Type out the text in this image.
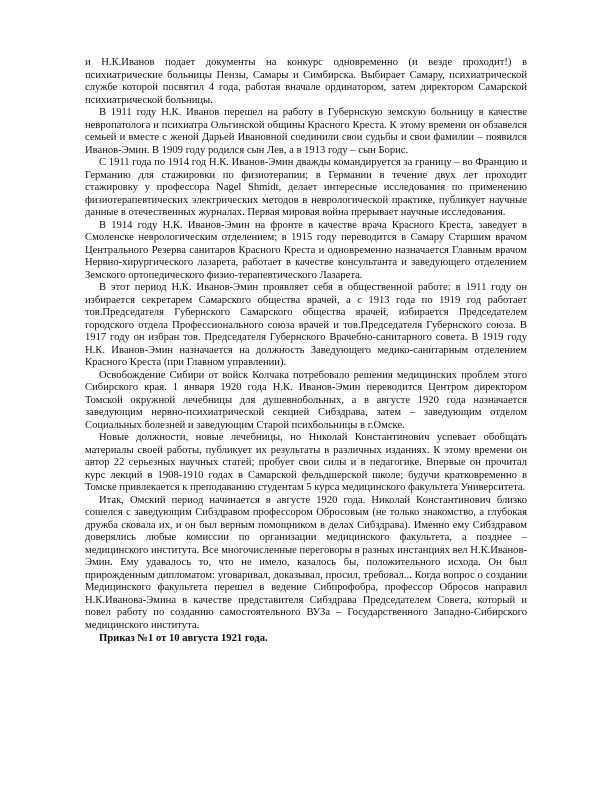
и Н.К.Иванов подает документы на конкурс одновременно (и везде проходит!) в психиатрические больницы Пензы, Самары и Симбирска. Выбирает Самару, психиатрической службе которой посвятил 4 года, работая вначале ординатором, затем директором Самарской психиатрической больницы.

В 1911 году Н.К. Иванов перешел на работу в Губернскую земскую больницу в качестве невропатолога и психиатра Ольгинской общины Красного Креста. К этому времени он обзавелся семьей и вместе с женой Дарьей Ивановной соединили свои судьбы и свои фамилии – появился Иванов-Эмин. В 1909 году родился сын Лев, а в 1913 году – сын Борис.

С 1911 года по 1914 год Н.К. Иванов-Эмин дважды командируется за границу – во Францию и Германию для стажировки по физиотерапии; в Германии в течение двух лет проходит стажировку у профессора Nagel Shmidt, делает интересные исследования по применению физиотерапевтических электрических методов в неврологической практике, публикует научные данные в отечественных журналах. Первая мировая война прерывает научные исследования.

В 1914 году Н.К. Иванов-Эмин на фронте в качестве врача Красного Креста, заведует в Смоленске неврологическим отделением; в 1915 году переводится в Самару Старшим врачом Центрального Резерва санитаров Красного Креста и одновременно назначается Главным врачом Нервно-хирургического лазарета, работает в качестве консультанта и заведующего отделением Земского ортопедического физио-терапевтического Лазарета.

В этот период Н.К. Иванов-Эмин проявляет себя в общественной работе: в 1911 году он избирается секретарем Самарского общества врачей, а с 1913 года по 1919 год работает тов.Председателя Губернского Самарского общества врачей, избирается Председателем городского отдела Профессионального союза врачей и тов.Председателя Губернского союза. В 1917 году он избран тов. Председателя Губернского Врачебно-санитарного совета. В 1919 году Н.К. Иванов-Эмин назначается на должность Заведующего медико-санитарным отделением Красного Креста (при Главном управлении).

Освобождение Сибири от войск Колчака потребовало решения медицинских проблем этого Сибирского края. 1 января 1920 года Н.К. Иванов-Эмин переводится Центром директором Томской окружной лечебницы для душевнобольных, а в августе 1920 года назначается заведующим нервно-психиатрической секцией Сибздрава, затем – заведующим отделом Социальных болезней и заведующим Старой психбольницы в г.Омске.

Новые должности, новые лечебницы, но Николай Константинович успевает обобщать материалы своей работы, публикует их результаты в различных изданиях. К этому времени он автор 22 серьезных научных статей; пробует свои силы и в педагогике. Впервые он прочитал курс лекций в 1908-1910 годах в Самарской фельдшерской школе; будучи кратковременно в Томске привлекается к преподаванию студентам 5 курса медицинского факультета Университета.

Итак, Омский период начинается в августе 1920 года. Николай Константинович близко сошелся с заведующим Сибздравом профессором Обросовым (не только знакомство, а глубокая дружба сковала их, и он был верным помощником в делах Сибздрава). Именно ему Сибздравом доверялись любые комиссии по организации медицинского факультета, а позднее – медицинского института. Все многочисленные переговоры в разных инстанциях вел Н.К.Иванов-Эмин. Ему удавалось то, что не имело, казалось бы, положительного исхода. Он был прирожденным дипломатом: уговаривал, доказывал, просил, требовал... Когда вопрос о создании Медицинского факультета перешел в ведение Сибпрофобра, профессор Обросов направил Н.К.Иванова-Эмина в качестве представителя Сибздрава Председателем Совета, который и повел работу по созданию самостоятельного ВУЗа – Государственного Западно-Сибирского медицинского института.

Приказ №1 от 10 августа 1921 года.
